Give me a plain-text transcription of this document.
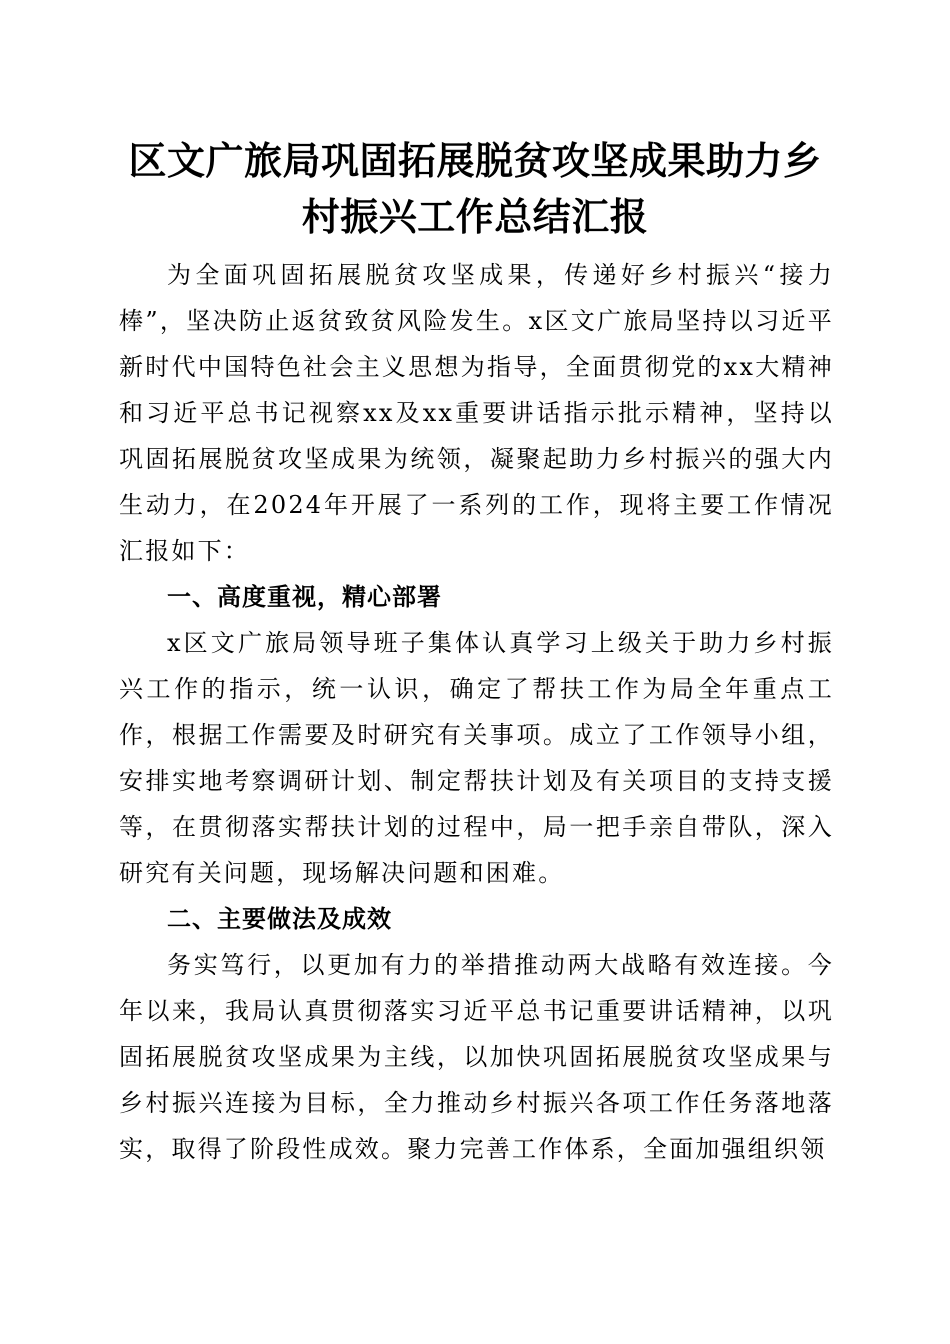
区文广旅局巩固拓展脱贫攻坚成果助力乡村振兴工作总结汇报

为全面巩固拓展脱贫攻坚成果，传递好乡村振兴“接力棒”，坚决防止返贫致贫风险发生。x区文广旅局坚持以习近平新时代中国特色社会主义思想为指导，全面贯彻党的xx大精神和习近平总书记视察xx及xx重要讲话指示批示精神，坚持以巩固拓展脱贫攻坚成果为统领，凝聚起助力乡村振兴的强大内生动力，在2024年开展了一系列的工作，现将主要工作情况汇报如下：

一、高度重视，精心部署

x区文广旅局领导班子集体认真学习上级关于助力乡村振兴工作的指示，统一认识，确定了帮扶工作为局全年重点工作，根据工作需要及时研究有关事项。成立了工作领导小组，安排实地考察调研计划、制定帮扶计划及有关项目的支持支援等，在贯彻落实帮扶计划的过程中，局一把手亲自带队，深入研究有关问题，现场解决问题和困难。

二、主要做法及成效

务实笃行，以更加有力的举措推动两大战略有效连接。今年以来，我局认真贯彻落实习近平总书记重要讲话精神，以巩固拓展脱贫攻坚成果为主线，以加快巩固拓展脱贫攻坚成果与乡村振兴连接为目标，全力推动乡村振兴各项工作任务落地落实，取得了阶段性成效。聚力完善工作体系，全面加强组织领
